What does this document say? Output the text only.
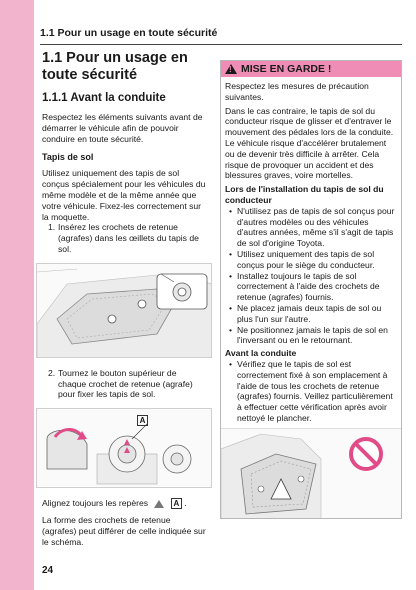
1.1 Pour un usage en toute sécurité
1.1 Pour un usage en toute sécurité
1.1.1 Avant la conduite
Respectez les éléments suivants avant de démarrer le véhicule afin de pouvoir conduire en toute sécurité.
Tapis de sol
Utilisez uniquement des tapis de sol conçus spécialement pour les véhicules du même modèle et de la même année que votre véhicule. Fixez-les correctement sur la moquette.
1. Insérez les crochets de retenue (agrafes) dans les œillets du tapis de sol.
2. Tournez le bouton supérieur de chaque crochet de retenue (agrafe) pour fixer les tapis de sol.
A
Alignez toujours les repères	A .
La forme des crochets de retenue (agrafes) peut différer de celle indiquée sur le schéma.
!
MISE EN GARDE !
Respectez les mesures de précaution suivantes.
Dans le cas contraire, le tapis de sol du conducteur risque de glisser et d'entraver le mouvement des pédales lors de la conduite. Le véhicule risque d'accélérer brutalement ou de devenir très difficile à arrêter. Cela risque de provoquer un accident et des blessures graves, voire mortelles.
Lors de l'installation du tapis de sol du conducteur
• N'utilisez pas de tapis de sol conçus pour d'autres modèles ou des véhicules d'autres années, même s'il s'agit de tapis de sol d'origine Toyota.
• Utilisez uniquement des tapis de sol conçus pour le siège du conducteur.
• Installez toujours le tapis de sol correctement à l'aide des crochets de retenue (agrafes) fournis.
• Ne placez jamais deux tapis de sol ou plus l'un sur l'autre.
• Ne positionnez jamais le tapis de sol en l'inversant ou en le retournant.
Avant la conduite
• Vérifiez que le tapis de sol est correctement fixé à son emplacement à l'aide de tous les crochets de retenue (agrafes) fournis. Veillez particulièrement à effectuer cette vérification après avoir nettoyé le plancher.
24
